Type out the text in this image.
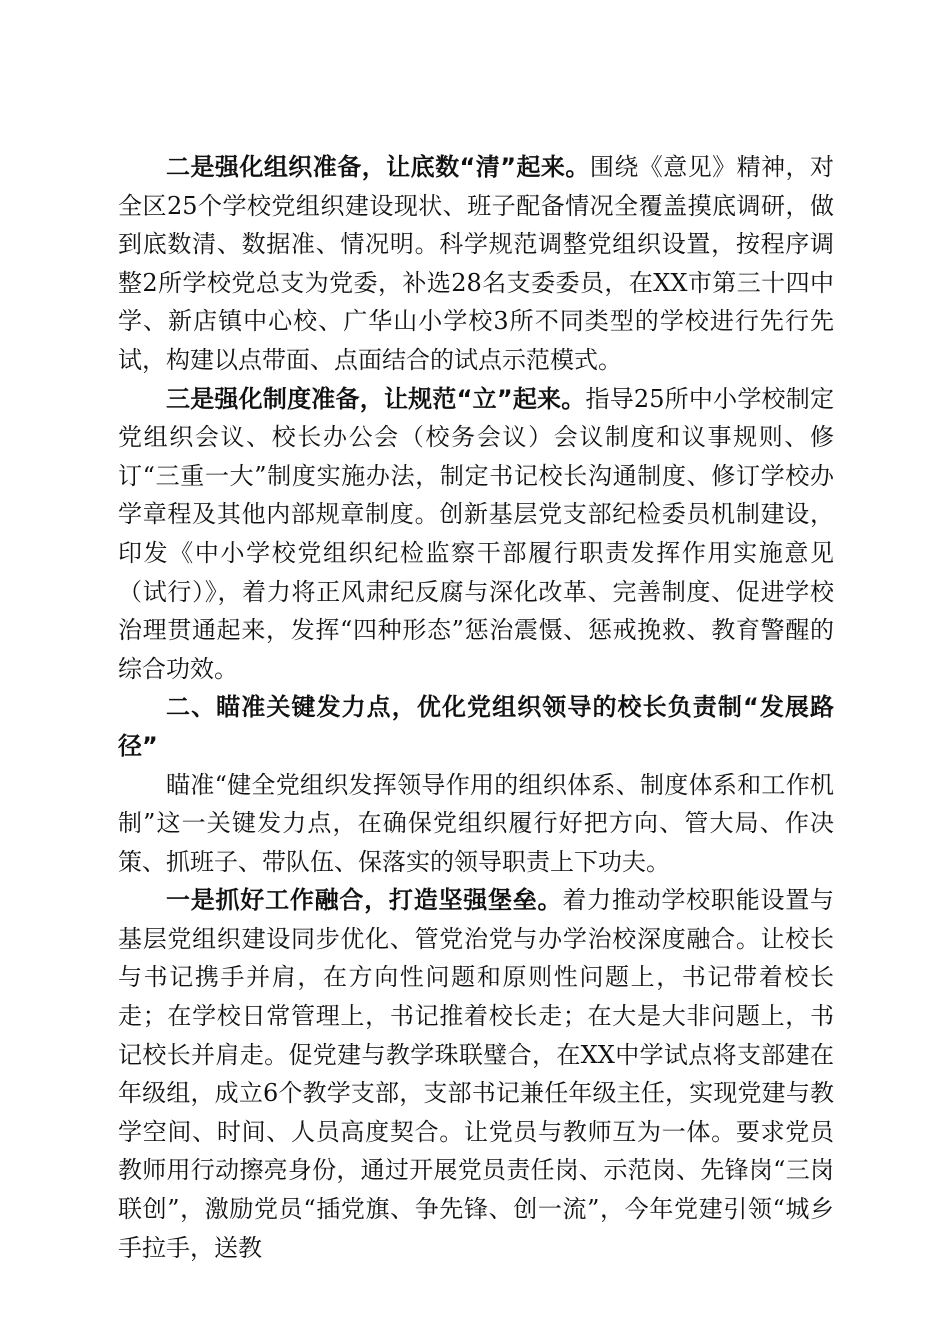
二是强化组织准备，让底数“清”起来。围绕《意见》精神，对全区25个学校党组织建设现状、班子配备情况全覆盖摸底调研，做到底数清、数据准、情况明。科学规范调整党组织设置，按程序调整2所学校党总支为党委，补选28名支委委员，在XX市第三十四中学、新店镇中心校、广华山小学校3所不同类型的学校进行先行先试，构建以点带面、点面结合的试点示范模式。

三是强化制度准备，让规范“立”起来。指导25所中小学校制定党组织会议、校长办公会（校务会议）会议制度和议事规则、修订“三重一大”制度实施办法，制定书记校长沟通制度、修订学校办学章程及其他内部规章制度。创新基层党支部纪检委员机制建设，印发《中小学校党组织纪检监察干部履行职责发挥作用实施意见（试行）》，着力将正风肃纪反腐与深化改革、完善制度、促进学校治理贯通起来，发挥“四种形态”惩治震慑、惩戒挽救、教育警醒的综合功效。

二、瞄准关键发力点，优化党组织领导的校长负责制“发展路径”

瞄准“健全党组织发挥领导作用的组织体系、制度体系和工作机制”这一关键发力点，在确保党组织履行好把方向、管大局、作决策、抓班子、带队伍、保落实的领导职责上下功夫。

一是抓好工作融合，打造坚强堡垒。着力推动学校职能设置与基层党组织建设同步优化、管党治党与办学治校深度融合。让校长与书记携手并肩，在方向性问题和原则性问题上，书记带着校长走；在学校日常管理上，书记推着校长走；在大是大非问题上，书记校长并肩走。促党建与教学珠联璧合，在XX中学试点将支部建在年级组，成立6个教学支部，支部书记兼任年级主任，实现党建与教学空间、时间、人员高度契合。让党员与教师互为一体。要求党员教师用行动擦亮身份，通过开展党员责任岗、示范岗、先锋岗“三岗联创”，激励党员“插党旗、争先锋、创一流”，今年党建引领“城乡手拉手，送教
